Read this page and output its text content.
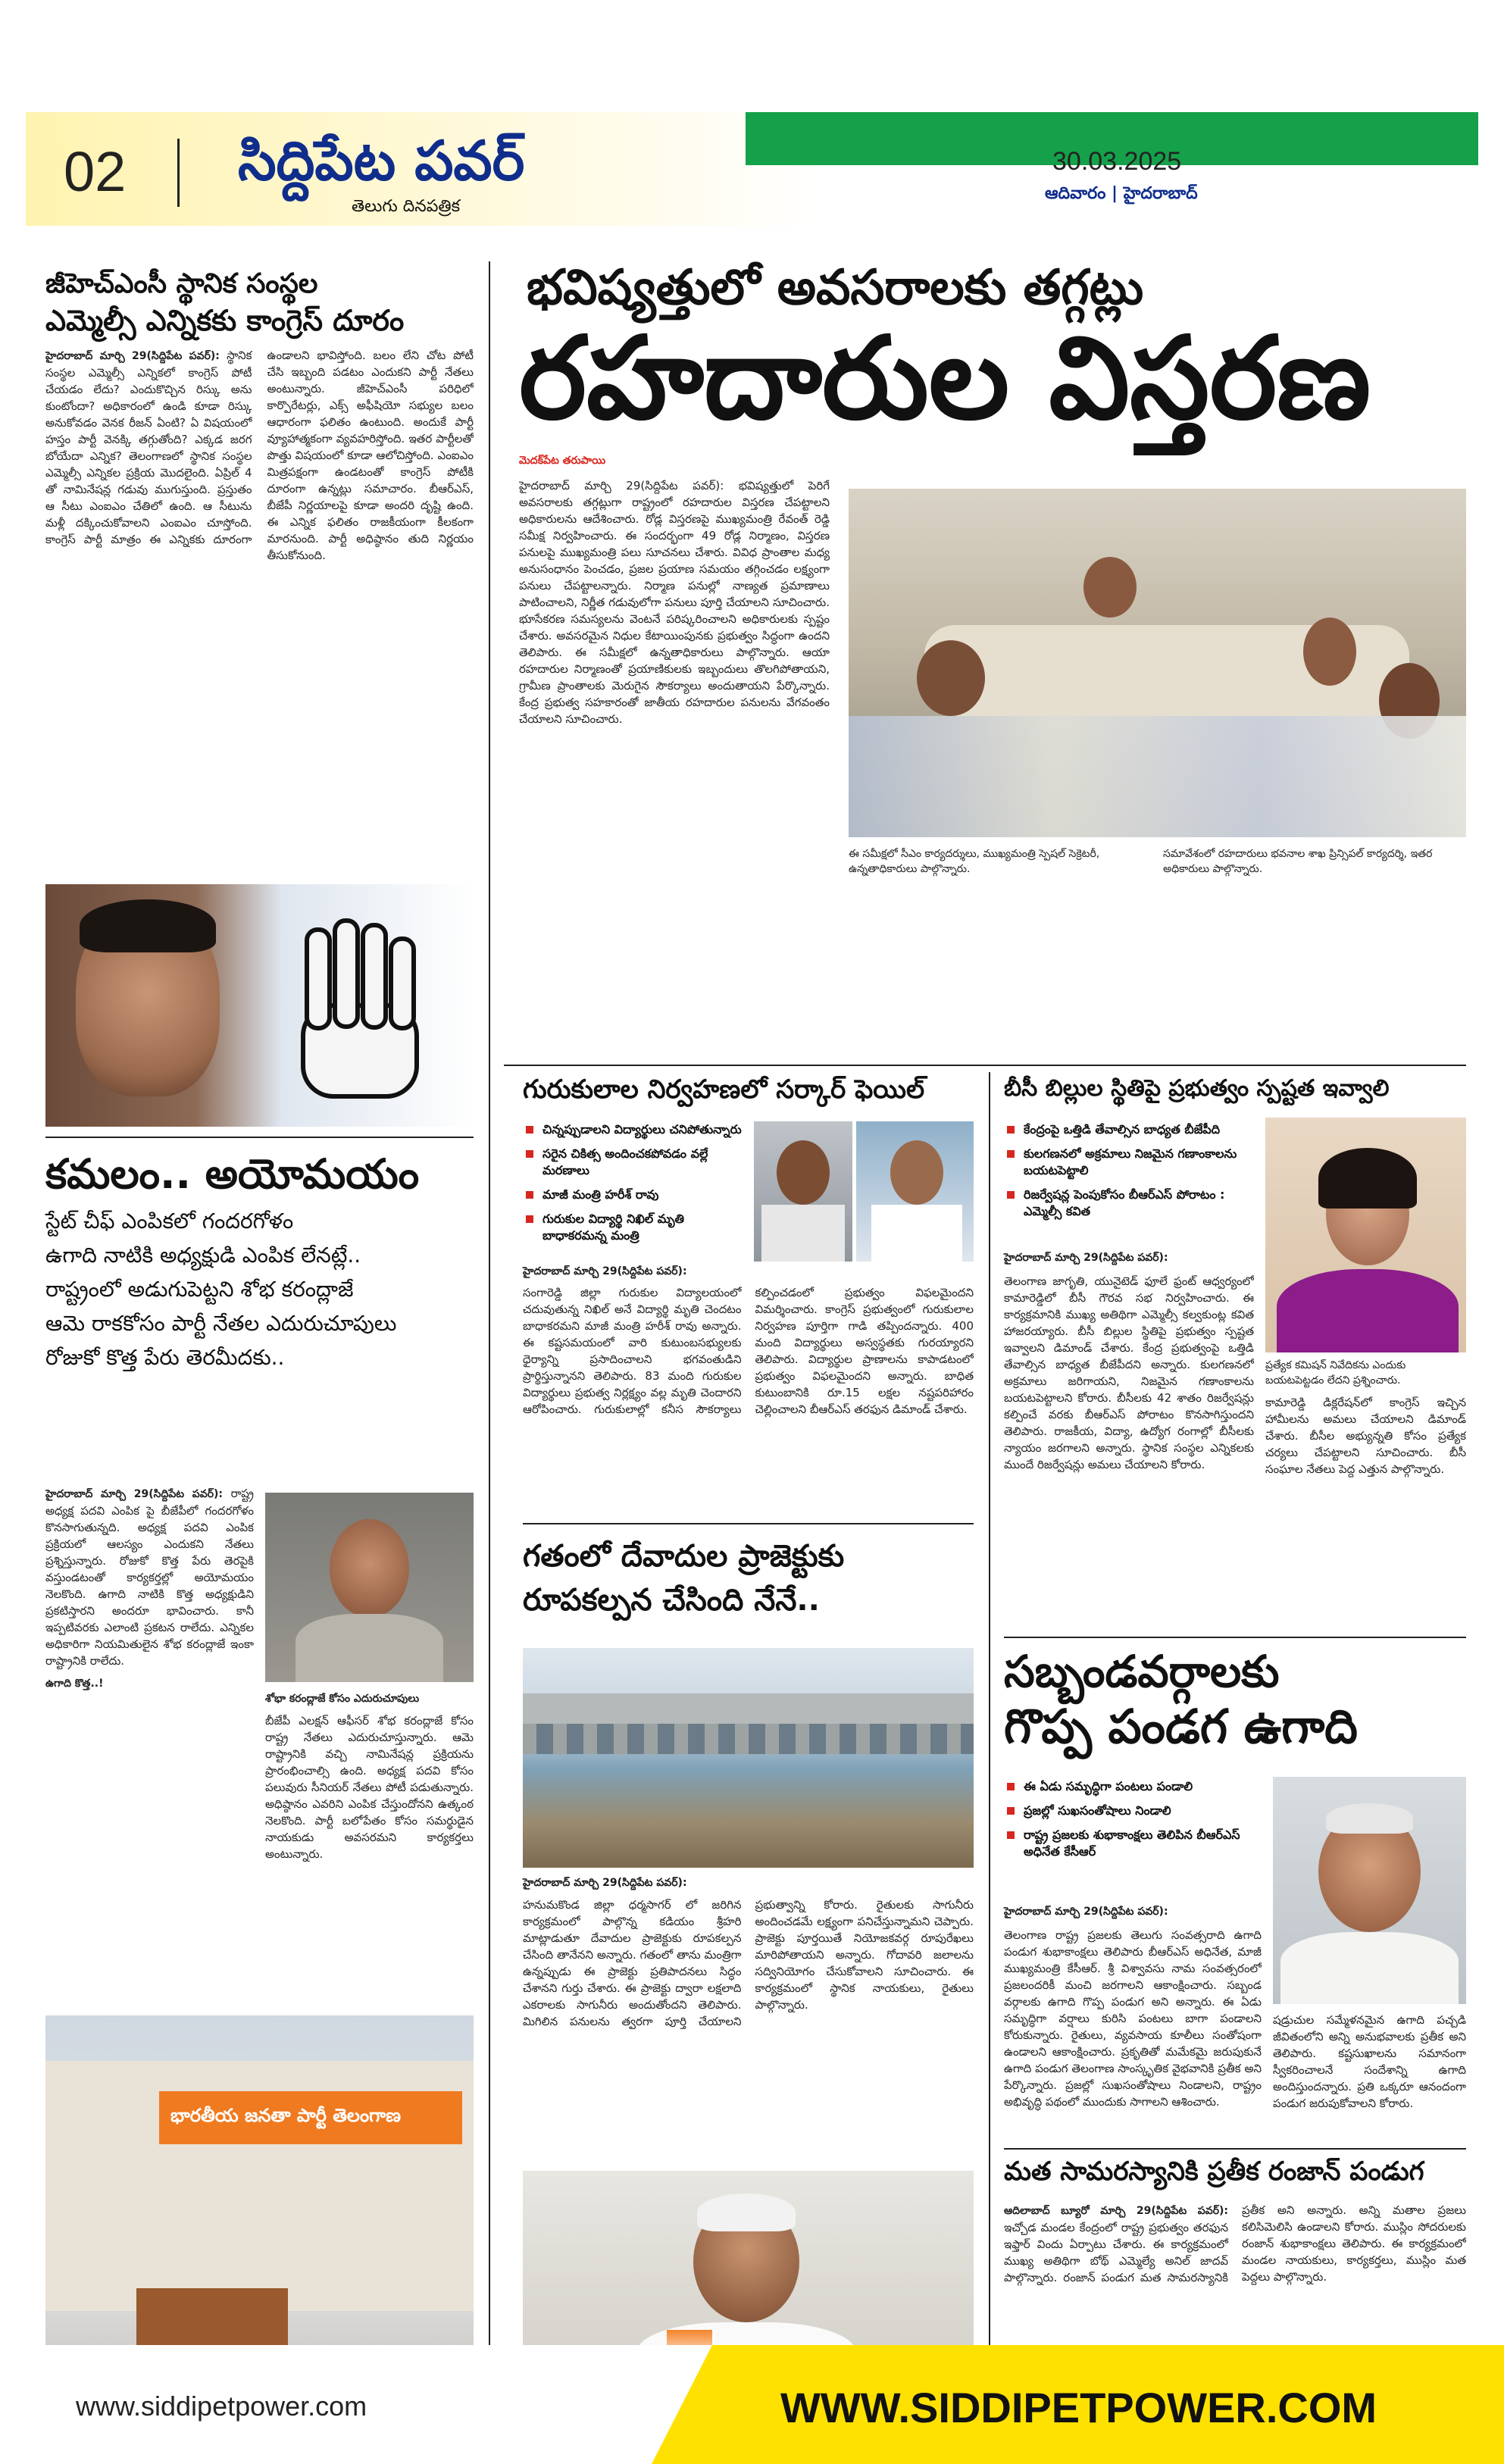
02 సిద్దిపేట పవర్
తెలుగు దినపత్రిక
30.03.2025
ఆదివారం | హైదరాబాద్
జీహెచ్ఎంసీ స్థానిక సంస్థల
ఎమ్మెల్సీ ఎన్నికకు కాంగ్రెస్ దూరం
హైదరాబాద్ మార్చి 29(సిద్దిపేట పవర్): స్థానిక సంస్థల ఎమ్మెల్సీ ఎన్నికలో కాంగ్రెస్ పోటీ చేయడం లేదు? ఎందుకొచ్చిన రిస్కు అను కుంటోందా? అధికారంలో ఉండి కూడా రిస్కు అనుకోవడం వెనక రీజన్ ఏంటి? ఏ విషయంలో హస్తం పార్టీ వెనక్కి తగ్గుతోంది? ఎక్కడ జరగ బోయేదా ఎన్నిక? తెలంగాణలో స్థానిక సంస్థల ఎమ్మెల్సీ ఎన్నికల ప్రక్రియ మొదలైంది. ఏప్రిల్ 4 తో నామినేషన్ల గడువు ముగుస్తుంది. ప్రస్తుతం ఆ సీటు ఎంఐఎం చేతిలో ఉంది. ఆ సీటును మళ్లీ దక్కించుకోవాలని ఎంఐఎం చూస్తోంది. కాంగ్రెస్ పార్టీ మాత్రం ఈ ఎన్నికకు దూరంగా ఉండాలని భావిస్తోంది. బలం లేని చోట పోటీ చేసి ఇబ్బంది పడటం ఎందుకని పార్టీ నేతలు అంటున్నారు. జీహెచ్ఎంసీ పరిధిలో కార్పొరేటర్లు, ఎక్స్ అఫీషియో సభ్యుల బలం ఆధారంగా ఫలితం ఉంటుంది. అందుకే పార్టీ వ్యూహాత్మకంగా వ్యవహరిస్తోంది. ఇతర పార్టీలతో పొత్తు విషయంలో కూడా ఆలోచిస్తోంది. ఎంఐఎం మిత్రపక్షంగా ఉండటంతో కాంగ్రెస్ పోటీకి దూరంగా ఉన్నట్లు సమాచారం. బీఆర్ఎస్, బీజేపీ నిర్ణయాలపై కూడా అందరి దృష్టి ఉంది. ఈ ఎన్నిక ఫలితం రాజకీయంగా కీలకంగా మారనుంది. పార్టీ అధిష్ఠానం తుది నిర్ణయం తీసుకోనుంది.
కమలం.. అయోమయం
స్టేట్ చీఫ్ ఎంపికలో గందరగోళం
ఉగాది నాటికి అధ్యక్షుడి ఎంపిక లేనట్లే..
రాష్ట్రంలో అడుగుపెట్టని శోభ కరంద్లాజే
ఆమె రాకకోసం పార్టీ నేతల ఎదురుచూపులు
రోజుకో కొత్త పేరు తెరమీదకు..
హైదరాబాద్ మార్చి 29(సిద్దిపేట పవర్): రాష్ట్ర అధ్యక్ష పదవి ఎంపిక పై బీజేపీలో గందరగోళం కొనసాగుతున్నది. అధ్యక్ష పదవి ఎంపిక ప్రక్రియలో ఆలస్యం ఎందుకని నేతలు ప్రశ్నిస్తున్నారు. రోజుకో కొత్త పేరు తెరపైకి వస్తుండటంతో కార్యకర్తల్లో అయోమయం నెలకొంది. ఉగాది నాటికి కొత్త అధ్యక్షుడిని ప్రకటిస్తారని అందరూ భావించారు. కానీ ఇప్పటివరకు ఎలాంటి ప్రకటన రాలేదు. ఎన్నికల అధికారిగా నియమితులైన శోభ కరంద్లాజే ఇంకా రాష్ట్రానికి రాలేదు.
ఉగాది కొత్త..!
శోభా కరంద్లాజే కోసం ఎదురుచూపులు
బీజేపీ ఎలక్షన్ ఆఫీసర్ శోభ కరంద్లాజే కోసం రాష్ట్ర నేతలు ఎదురుచూస్తున్నారు. ఆమె రాష్ట్రానికి వచ్చి నామినేషన్ల ప్రక్రియను ప్రారంభించాల్సి ఉంది. అధ్యక్ష పదవి కోసం పలువురు సీనియర్ నేతలు పోటీ పడుతున్నారు. అధిష్ఠానం ఎవరిని ఎంపిక చేస్తుందోనని ఉత్కంఠ నెలకొంది. పార్టీ బలోపేతం కోసం సమర్థుడైన నాయకుడు అవసరమని కార్యకర్తలు అంటున్నారు.
భారతీయ జనతా పార్టీ తెలంగాణ
భవిష్యత్తులో అవసరాలకు తగ్గట్లు
రహదారుల విస్తరణ
మెదక్‌పేట తరుపాయి
హైదరాబాద్‌ మార్చి 29(సిద్దిపేట పవర్‌): భవిష్యత్తులో పెరిగే అవసరాలకు తగ్గట్లుగా రాష్ట్రంలో రహదారుల విస్తరణ చేపట్టాలని అధికారులను ఆదేశించారు. రోడ్ల విస్తరణపై ముఖ్యమంత్రి రేవంత్‌ రెడ్డి సమీక్ష నిర్వహించారు. ఈ సందర్భంగా 49 రోడ్ల నిర్మాణం, విస్తరణ పనులపై ముఖ్యమంత్రి పలు సూచనలు చేశారు. వివిధ ప్రాంతాల మధ్య అనుసంధానం పెంచడం, ప్రజల ప్రయాణ సమయం తగ్గించడం లక్ష్యంగా పనులు చేపట్టాలన్నారు. నిర్మాణ పనుల్లో నాణ్యత ప్రమాణాలు పాటించాలని, నిర్ణీత గడువులోగా పనులు పూర్తి చేయాలని సూచించారు. భూసేకరణ సమస్యలను వెంటనే పరిష్కరించాలని అధికారులకు స్పష్టం చేశారు. అవసరమైన నిధుల కేటాయింపునకు ప్రభుత్వం సిద్ధంగా ఉందని తెలిపారు. ఈ సమీక్షలో ఉన్నతాధికారులు పాల్గొన్నారు. ఆయా రహదారుల నిర్మాణంతో ప్రయాణికులకు ఇబ్బందులు తొలగిపోతాయని, గ్రామీణ ప్రాంతాలకు మెరుగైన సౌకర్యాలు అందుతాయని పేర్కొన్నారు. కేంద్ర ప్రభుత్వ సహకారంతో జాతీయ రహదారుల పనులను వేగవంతం చేయాలని సూచించారు.
ఈ సమీక్షలో సీఎం కార్యదర్శులు, ముఖ్యమంత్రి స్పెషల్ సెక్రెటరీ, ఉన్నతాధికారులు పాల్గొన్నారు.
సమావేశంలో రహదారులు భవనాల శాఖ ప్రిన్సిపల్ కార్యదర్శి, ఇతర అధికారులు పాల్గొన్నారు.
గురుకులాల నిర్వహణలో సర్కార్ ఫెయిల్
చిన్నప్పుడాలని విద్యార్థులు చనిపోతున్నారు
సరైన చికిత్స అందించకపోవడం వల్లే మరణాలు
మాజీ మంత్రి హరీశ్ రావు
గురుకుల విద్యార్థి నిఖిల్ మృతి బాధాకరమన్న మంత్రి
హైదరాబాద్ మార్చి 29(సిద్దిపేట పవర్):
సంగారెడ్డి జిల్లా గురుకుల విద్యాలయంలో చదువుతున్న నిఖిల్ అనే విద్యార్థి మృతి చెందటం బాధాకరమని మాజీ మంత్రి హరీశ్ రావు అన్నారు. ఈ కష్టసమయంలో వారి కుటుంబసభ్యులకు ధైర్యాన్ని ప్రసాదించాలని భగవంతుడిని ప్రార్థిస్తున్నానని తెలిపారు. 83 మంది గురుకుల విద్యార్థులు ప్రభుత్వ నిర్లక్ష్యం వల్ల మృతి చెందారని ఆరోపించారు. గురుకులాల్లో కనీస సౌకర్యాలు కల్పించడంలో ప్రభుత్వం విఫలమైందని విమర్శించారు. కాంగ్రెస్ ప్రభుత్వంలో గురుకులాల నిర్వహణ పూర్తిగా గాడి తప్పిందన్నారు. 400 మంది విద్యార్థులు అస్వస్థతకు గురయ్యారని తెలిపారు. విద్యార్థుల ప్రాణాలను కాపాడటంలో ప్రభుత్వం విఫలమైందని అన్నారు. బాధిత కుటుంబానికి రూ.15 లక్షల నష్టపరిహారం చెల్లించాలని బీఆర్ఎస్ తరఫున డిమాండ్ చేశారు.
బీసీ బిల్లుల స్థితిపై ప్రభుత్వం స్పష్టత ఇవ్వాలి
కేంద్రంపై ఒత్తిడి తేవాల్సిన బాధ్యత బీజేపీది
కులగణనలో అక్రమాలు నిజమైన గణాంకాలను బయటపెట్టాలి
రిజర్వేషన్ల పెంపుకోసం బీఆర్ఎస్ పోరాటం : ఎమ్మెల్సీ కవిత
హైదరాబాద్ మార్చి 29(సిద్దిపేట పవర్):
తెలంగాణ జాగృతి, యునైటెడ్ ఫూలే ఫ్రంట్ ఆధ్వర్యంలో కామారెడ్డిలో బీసీ గౌరవ సభ నిర్వహించారు. ఈ కార్యక్రమానికి ముఖ్య అతిథిగా ఎమ్మెల్సీ కల్వకుంట్ల కవిత హాజరయ్యారు. బీసీ బిల్లుల స్థితిపై ప్రభుత్వం స్పష్టత ఇవ్వాలని డిమాండ్ చేశారు. కేంద్ర ప్రభుత్వంపై ఒత్తిడి తేవాల్సిన బాధ్యత బీజేపీదని అన్నారు. కులగణనలో అక్రమాలు జరిగాయని, నిజమైన గణాంకాలను బయటపెట్టాలని కోరారు. బీసీలకు 42 శాతం రిజర్వేషన్లు కల్పించే వరకు బీఆర్ఎస్ పోరాటం కొనసాగిస్తుందని తెలిపారు. రాజకీయ, విద్యా, ఉద్యోగ రంగాల్లో బీసీలకు న్యాయం జరగాలని అన్నారు. స్థానిక సంస్థల ఎన్నికలకు ముందే రిజర్వేషన్లు అమలు చేయాలని కోరారు.
ప్రత్యేక కమిషన్ నివేదికను ఎందుకు బయటపెట్టడం లేదని ప్రశ్నించారు.
కామారెడ్డి డిక్లరేషన్‌లో కాంగ్రెస్ ఇచ్చిన హామీలను అమలు చేయాలని డిమాండ్ చేశారు. బీసీల అభ్యున్నతి కోసం ప్రత్యేక చర్యలు చేపట్టాలని సూచించారు. బీసీ సంఘాల నేతలు పెద్ద ఎత్తున పాల్గొన్నారు.
గతంలో దేవాదుల ప్రాజెక్టుకు రూపకల్పన చేసింది నేనే..
హైదరాబాద్ మార్చి 29(సిద్దిపేట పవర్):
హనుమకొండ జిల్లా ధర్మసాగర్ లో జరిగిన కార్యక్రమంలో పాల్గొన్న కడియం శ్రీహరి మాట్లాడుతూ దేవాదుల ప్రాజెక్టుకు రూపకల్పన చేసింది తానేనని అన్నారు. గతంలో తాను మంత్రిగా ఉన్నప్పుడు ఈ ప్రాజెక్టు ప్రతిపాదనలు సిద్ధం చేశానని గుర్తు చేశారు. ఈ ప్రాజెక్టు ద్వారా లక్షలాది ఎకరాలకు సాగునీరు అందుతోందని తెలిపారు. మిగిలిన పనులను త్వరగా పూర్తి చేయాలని ప్రభుత్వాన్ని కోరారు. రైతులకు సాగునీరు అందించడమే లక్ష్యంగా పనిచేస్తున్నామని చెప్పారు. ప్రాజెక్టు పూర్తయితే నియోజకవర్గ రూపురేఖలు మారిపోతాయని అన్నారు. గోదావరి జలాలను సద్వినియోగం చేసుకోవాలని సూచించారు. ఈ కార్యక్రమంలో స్థానిక నాయకులు, రైతులు పాల్గొన్నారు.
సబ్బండవర్గాలకు
గొప్ప పండగ ఉగాది
ఈ ఏడు సమృద్ధిగా పంటలు పండాలి
ప్రజల్లో సుఖసంతోషాలు నిండాలి
రాష్ట్ర ప్రజలకు శుభాకాంక్షలు తెలిపిన బీఆర్ఎస్ అధినేత కేసీఆర్
హైదరాబాద్ మార్చి 29(సిద్దిపేట పవర్):
తెలంగాణ రాష్ట్ర ప్రజలకు తెలుగు సంవత్సరాది ఉగాది పండుగ శుభాకాంక్షలు తెలిపారు బీఆర్ఎస్ అధినేత, మాజీ ముఖ్యమంత్రి కేసీఆర్. శ్రీ విశ్వావసు నామ సంవత్సరంలో ప్రజలందరికీ మంచి జరగాలని ఆకాంక్షించారు. సబ్బండ వర్గాలకు ఉగాది గొప్ప పండుగ అని అన్నారు. ఈ ఏడు సమృద్ధిగా వర్షాలు కురిసి పంటలు బాగా పండాలని కోరుకున్నారు. రైతులు, వ్యవసాయ కూలీలు సంతోషంగా ఉండాలని ఆకాంక్షించారు. ప్రకృతితో మమేకమై జరుపుకునే ఉగాది పండుగ తెలంగాణ సాంస్కృతిక వైభవానికి ప్రతీక అని పేర్కొన్నారు. ప్రజల్లో సుఖసంతోషాలు నిండాలని, రాష్ట్రం అభివృద్ధి పథంలో ముందుకు సాగాలని ఆశించారు.
షడ్రుచుల సమ్మేళనమైన ఉగాది పచ్చడి జీవితంలోని అన్ని అనుభవాలకు ప్రతీక అని తెలిపారు. కష్టసుఖాలను సమానంగా స్వీకరించాలనే సందేశాన్ని ఉగాది అందిస్తుందన్నారు. ప్రతి ఒక్కరూ ఆనందంగా పండుగ జరుపుకోవాలని కోరారు.
మత సామరస్యానికి ప్రతీక రంజాన్ పండుగ
ఆదిలాబాద్ బ్యూరో మార్చి 29(సిద్దిపేట పవర్): ఇచ్చోడ మండల కేంద్రంలో రాష్ట్ర ప్రభుత్వం తరఫున ఇఫ్తార్ విందు ఏర్పాటు చేశారు. ఈ కార్యక్రమంలో ముఖ్య అతిథిగా బోథ్ ఎమ్మెల్యే అనిల్ జాదవ్ పాల్గొన్నారు. రంజాన్ పండుగ మత సామరస్యానికి ప్రతీక అని అన్నారు. అన్ని మతాల ప్రజలు కలిసిమెలిసి ఉండాలని కోరారు. ముస్లిం సోదరులకు రంజాన్ శుభాకాంక్షలు తెలిపారు. ఈ కార్యక్రమంలో మండల నాయకులు, కార్యకర్తలు, ముస్లిం మత పెద్దలు పాల్గొన్నారు.
www.siddipetpower.com	WWW.SIDDIPETPOWER.COM
